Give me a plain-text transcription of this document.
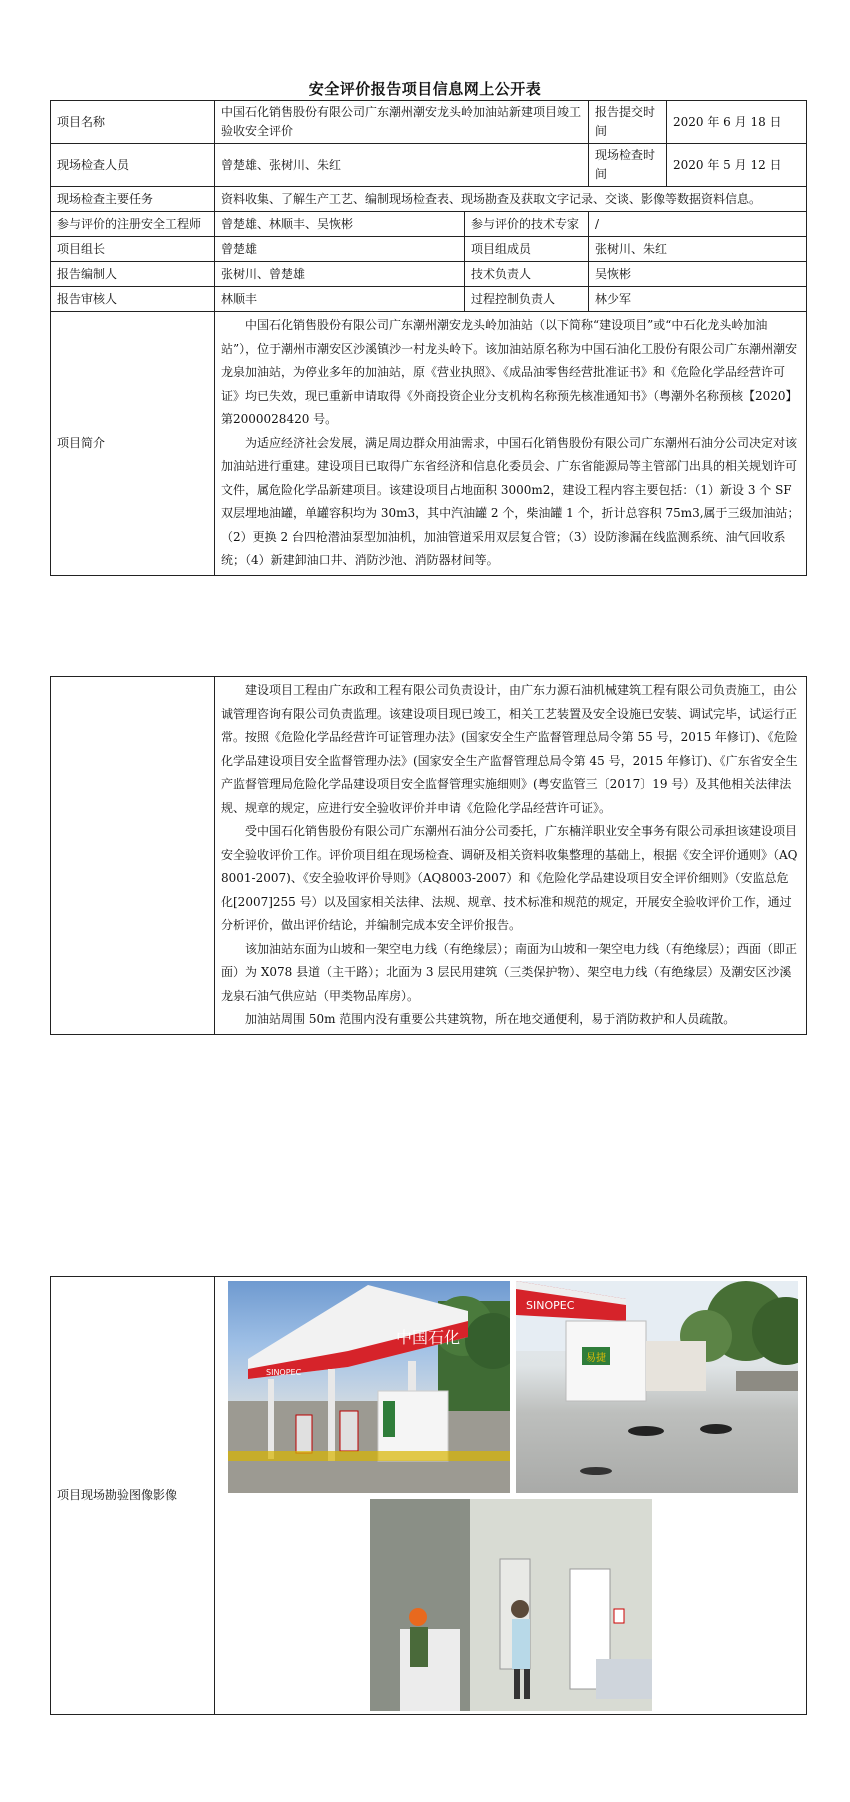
安全评价报告项目信息网上公开表
项目名称	中国石化销售股份有限公司广东潮州潮安龙头岭加油站新建项目竣工验收安全评价		报告提交时间	2020 年 6 月 18 日
现场检查人员	曾楚雄、张树川、朱红		现场检查时间	2020 年 5 月 12 日
现场检查主要任务	资料收集、了解生产工艺、编制现场检查表、现场勘查及获取文字记录、交谈、影像等数据资料信息。			
参与评价的注册安全工程师	曾楚雄、林顺丰、吴恢彬	参与评价的技术专家	/	
项目组长	曾楚雄	项目组成员	张树川、朱红	
报告编制人	张树川、曾楚雄	技术负责人	吴恢彬	
报告审核人	林顺丰	过程控制负责人	林少军	
项目简介	中国石化销售股份有限公司广东潮州潮安龙头岭加油站（以下简称“建设项目”或“中石化龙头岭加油站”），位于潮州市潮安区沙溪镇沙一村龙头岭下。该加油站原名称为中国石油化工股份有限公司广东潮州潮安龙泉加油站，为停业多年的加油站，原《营业执照》、《成品油零售经营批准证书》和《危险化学品经营许可证》均已失效，现已重新申请取得《外商投资企业分支机构名称预先核准通知书》（粤潮外名称预核【2020】第2000028420 号。

为适应经济社会发展，满足周边群众用油需求，中国石化销售股份有限公司广东潮州石油分公司决定对该加油站进行重建。建设项目已取得广东省经济和信息化委员会、广东省能源局等主管部门出具的相关规划许可文件，属危险化学品新建项目。该建设项目占地面积 3000m2，建设工程内容主要包括：（1）新设 3 个 SF 双层埋地油罐，单罐容积均为 30m3，其中汽油罐 2 个，柴油罐 1 个，折计总容积 75m3,属于三级加油站；（2）更换 2 台四枪潜油泵型加油机，加油管道采用双层复合管；（3）设防渗漏在线监测系统、油气回收系统；（4）新建卸油口井、消防沙池、消防器材间等。			

建设项目工程由广东政和工程有限公司负责设计，由广东力源石油机械建筑工程有限公司负责施工，由公诚管理咨询有限公司负责监理。该建设项目现已竣工，相关工艺装置及安全设施已安装、调试完毕，试运行正常。按照《危险化学品经营许可证管理办法》(国家安全生产监督管理总局令第 55 号，2015 年修订)、《危险化学品建设项目安全监督管理办法》(国家安全生产监督管理总局令第 45 号，2015 年修订)、《广东省安全生产监督管理局危险化学品建设项目安全监督管理实施细则》(粤安监管三〔2017〕19 号）及其他相关法律法规、规章的规定，应进行安全验收评价并申请《危险化学品经营许可证》。

受中国石化销售股份有限公司广东潮州石油分公司委托，广东楠洋职业安全事务有限公司承担该建设项目安全验收评价工作。评价项目组在现场检查、调研及相关资料收集整理的基础上，根据《安全评价通则》（AQ8001-2007)、《安全验收评价导则》（AQ8003-2007）和《危险化学品建设项目安全评价细则》（安监总危化[2007]255 号）以及国家相关法律、法规、规章、技术标准和规范的规定，开展安全验收评价工作，通过分析评价，做出评价结论，并编制完成本安全评价报告。

该加油站东面为山坡和一架空电力线（有绝缘层）；南面为山坡和一架空电力线（有绝缘层）；西面（即正面）为 X078 县道（主干路）；北面为 3 层民用建筑（三类保护物）、架空电力线（有绝缘层）及潮安区沙溪龙泉石油气供应站（甲类物品库房）。

加油站周围 50m 范围内没有重要公共建筑物，所在地交通便利，易于消防救护和人员疏散。

项目现场勘验图像影像	
中国石化
SINOPEC
SINOPEC
易捷
